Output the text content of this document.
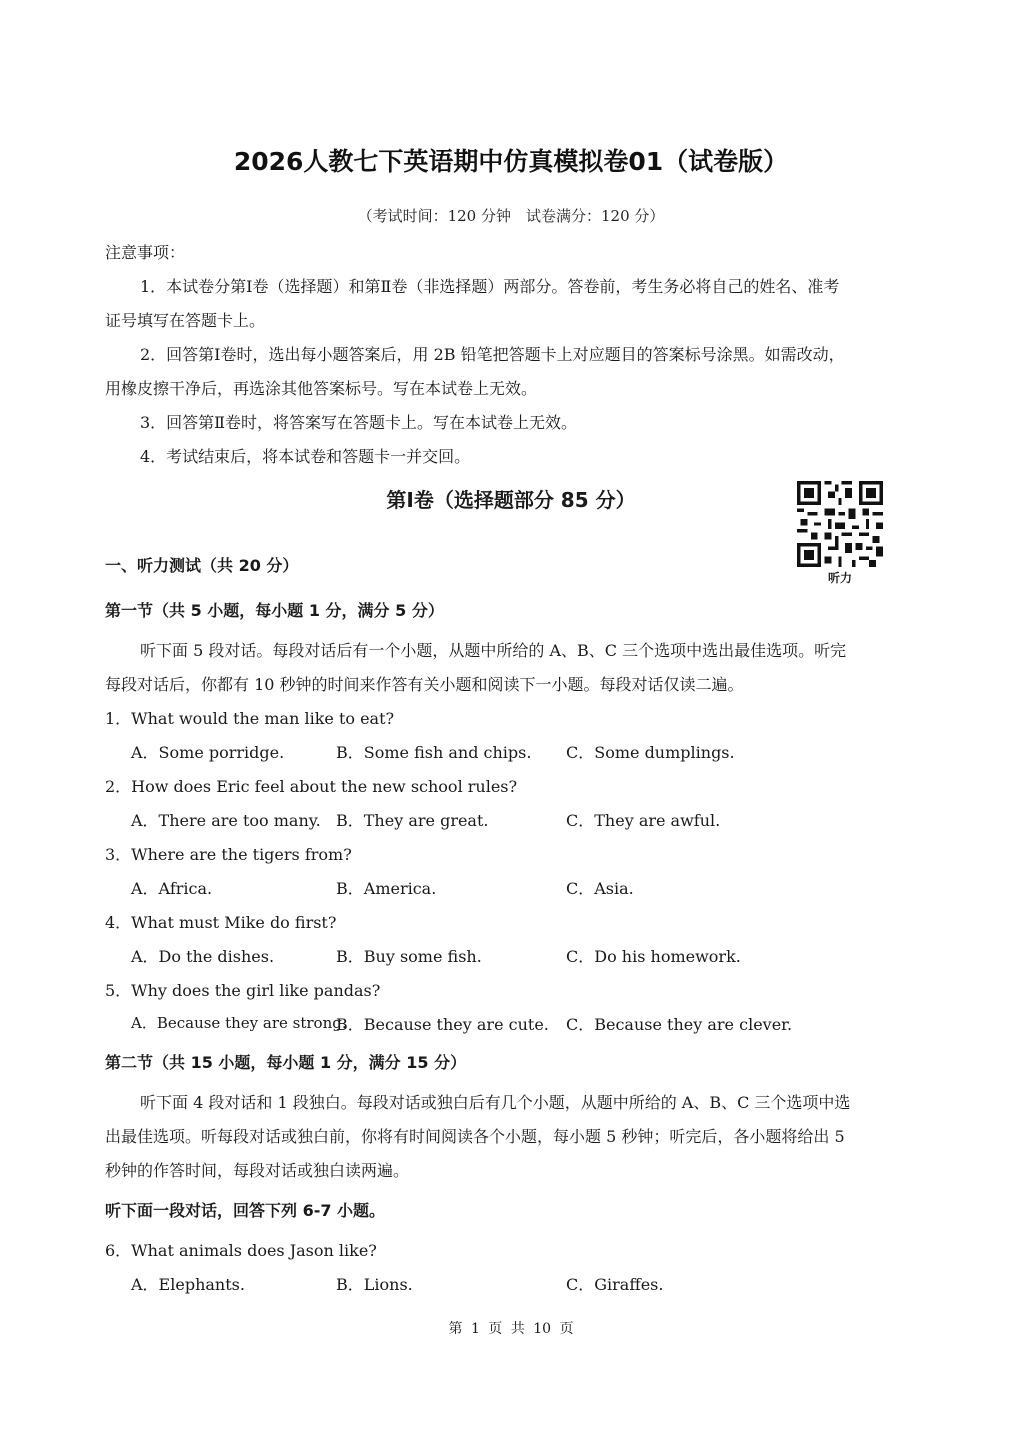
2026人教七下英语期中仿真模拟卷01（试卷版）
（考试时间：120 分钟　试卷满分：120 分）
注意事项：
1．本试卷分第Ⅰ卷（选择题）和第Ⅱ卷（非选择题）两部分。答卷前，考生务必将自己的姓名、准考
证号填写在答题卡上。
2．回答第Ⅰ卷时，选出每小题答案后，用 2B 铅笔把答题卡上对应题目的答案标号涂黑。如需改动，
用橡皮擦干净后，再选涂其他答案标号。写在本试卷上无效。
3．回答第Ⅱ卷时，将答案写在答题卡上。写在本试卷上无效。
4．考试结束后，将本试卷和答题卡一并交回。
第Ⅰ卷（选择题部分 85 分）
听力
一、听力测试（共 20 分）
第一节（共 5 小题，每小题 1 分，满分 5 分）
听下面 5 段对话。每段对话后有一个小题，从题中所给的 A、B、C 三个选项中选出最佳选项。听完
每段对话后，你都有 10 秒钟的时间来作答有关小题和阅读下一小题。每段对话仅读二遍。
1．What would the man like to eat?
A．Some porridge.	B．Some fish and chips. C．Some dumplings.
2．How does Eric feel about the new school rules?
A．There are too many. B．They are great.	C．They are awful.
3．Where are the tigers from?
A．Africa.	B．America.	C．Asia.
4．What must Mike do first?
A．Do the dishes.	B．Buy some fish.	C．Do his homework.
5．Why does the girl like pandas?
A．Because they are strong.
B．Because they are cute. C．Because they are clever.
第二节（共 15 小题，每小题 1 分，满分 15 分）
听下面 4 段对话和 1 段独白。每段对话或独白后有几个小题，从题中所给的 A、B、C 三个选项中选
出最佳选项。听每段对话或独白前，你将有时间阅读各个小题，每小题 5 秒钟；听完后，各小题将给出 5
秒钟的作答时间，每段对话或独白读两遍。
听下面一段对话，回答下列 6-7 小题。
6．What animals does Jason like?
A．Elephants.	B．Lions.	C．Giraffes.
第 1 页 共 10 页
